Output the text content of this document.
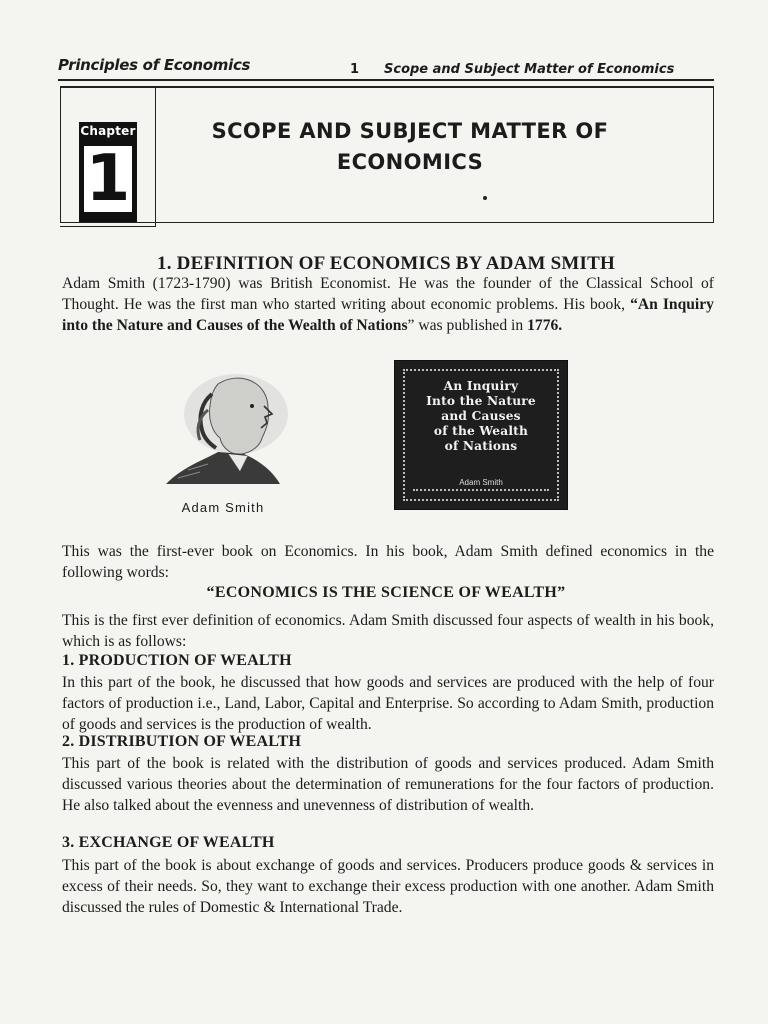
Principles of Economics	1 Scope and Subject Matter of Economics
Chapter
1
SCOPE AND SUBJECT MATTER OF
ECONOMICS
1. DEFINITION OF ECONOMICS BY ADAM SMITH
Adam Smith (1723-1790) was British Economist. He was the founder of the Classical School of Thought. He was the first man who started writing about economic problems. His book, “An Inquiry into the Nature and Causes of the Wealth of Nations” was published in 1776.
Adam Smith
An Inquiry
Into the Nature
and Causes
of the Wealth
of Nations
Adam Smith
This was the first-ever book on Economics. In his book, Adam Smith defined economics in the following words:
“ECONOMICS IS THE SCIENCE OF WEALTH”
This is the first ever definition of economics. Adam Smith discussed four aspects of wealth in his book, which is as follows:
1. PRODUCTION OF WEALTH
In this part of the book, he discussed that how goods and services are produced with the help of four factors of production i.e., Land, Labor, Capital and Enterprise. So according to Adam Smith, production of goods and services is the production of wealth.
2. DISTRIBUTION OF WEALTH
This part of the book is related with the distribution of goods and services produced. Adam Smith discussed various theories about the determination of remunerations for the four factors of production. He also talked about the evenness and unevenness of distribution of wealth.
3. EXCHANGE OF WEALTH
This part of the book is about exchange of goods and services. Producers produce goods & services in excess of their needs. So, they want to exchange their excess production with one another. Adam Smith discussed the rules of Domestic & International Trade.
